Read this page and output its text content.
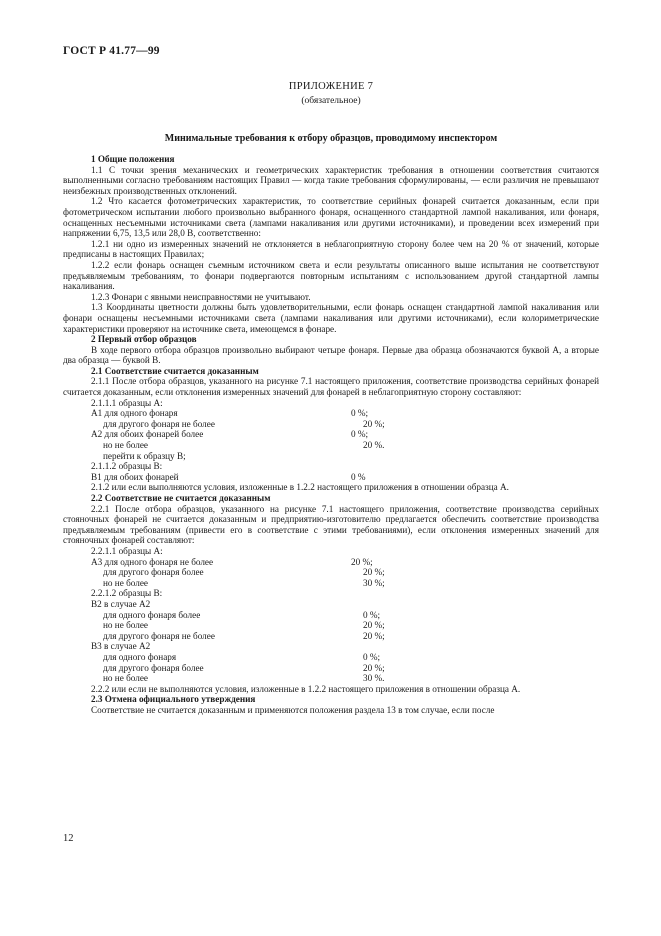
ГОСТ Р 41.77—99
ПРИЛОЖЕНИЕ 7
(обязательное)
Минимальные требования к отбору образцов, проводимому инспектором

1 Общие положения

1.1 С точки зрения механических и геометрических характеристик требования в отношении соответствия считаются выполненными согласно требованиям настоящих Правил — когда такие требования сформулированы, — если различия не превышают неизбежных производственных отклонений.

1.2 Что касается фотометрических характеристик, то соответствие серийных фонарей считается доказанным, если при фотометрическом испытании любого произвольно выбранного фонаря, оснащенного стандартной лампой накаливания, или фонаря, оснащенных несъемными источниками света (лампами накаливания или другими источниками), и проведении всех измерений при напряжении 6,75, 13,5 или 28,0 В, соответственно:

1.2.1 ни одно из измеренных значений не отклоняется в неблагоприятную сторону более чем на 20 % от значений, которые предписаны в настоящих Правилах;

1.2.2 если фонарь оснащен съемным источником света и если результаты описанного выше испытания не соответствуют предъявляемым требованиям, то фонари подвергаются повторным испытаниям с использованием другой стандартной лампы накаливания.

1.2.3 Фонари с явными неисправностями не учитывают.

1.3 Координаты цветности должны быть удовлетворительными, если фонарь оснащен стандартной лампой накаливания или фонари оснащены несъемными источниками света (лампами накаливания или другими источниками), если колориметрические характеристики проверяют на источнике света, имеющемся в фонаре.

2 Первый отбор образцов

В ходе первого отбора образцов произвольно выбирают четыре фонаря. Первые два образца обозначаются буквой А, а вторые два образца — буквой В.

2.1 Соответствие считается доказанным

2.1.1 После отбора образцов, указанного на рисунке 7.1 настоящего приложения, соответствие производства серийных фонарей считается доказанным, если отклонения измеренных значений для фонарей в неблагоприятную сторону составляют:

2.1.1.1 образцы А:

А1 для одного фонаря	0 %;
для другого фонаря не более	20 %;
А2 для обоих фонарей более	0 %;
но не более	20 %.

перейти к образцу В;

2.1.1.2 образцы В:

В1 для обоих фонарей	0 %

2.1.2 или если выполняются условия, изложенные в 1.2.2 настоящего приложения в отношении образца А.

2.2 Соответствие не считается доказанным

2.2.1 После отбора образцов, указанного на рисунке 7.1 настоящего приложения, соответствие производства серийных стояночных фонарей не считается доказанным и предприятию-изготовителю предлагается обеспечить соответствие производства предъявляемым требованиям (привести его в соответствие с этими требованиями), если отклонения измеренных значений для стояночных фонарей составляют:

2.2.1.1 образцы А:

А3 для одного фонаря не более	20 %;
для другого фонаря более	20 %;
но не более	30 %;

2.2.1.2 образцы В:

В2 в случае А2

для одного фонаря более	0 %;
но не более	20 %;
для другого фонаря не более	20 %;

В3 в случае А2

для одного фонаря	0 %;
для другого фонаря более	20 %;
но не более	30 %.

2.2.2 или если не выполняются условия, изложенные в 1.2.2 настоящего приложения в отношении образца А.

2.3 Отмена официального утверждения

Соответствие не считается доказанным и применяются положения раздела 13 в том случае, если после

12
